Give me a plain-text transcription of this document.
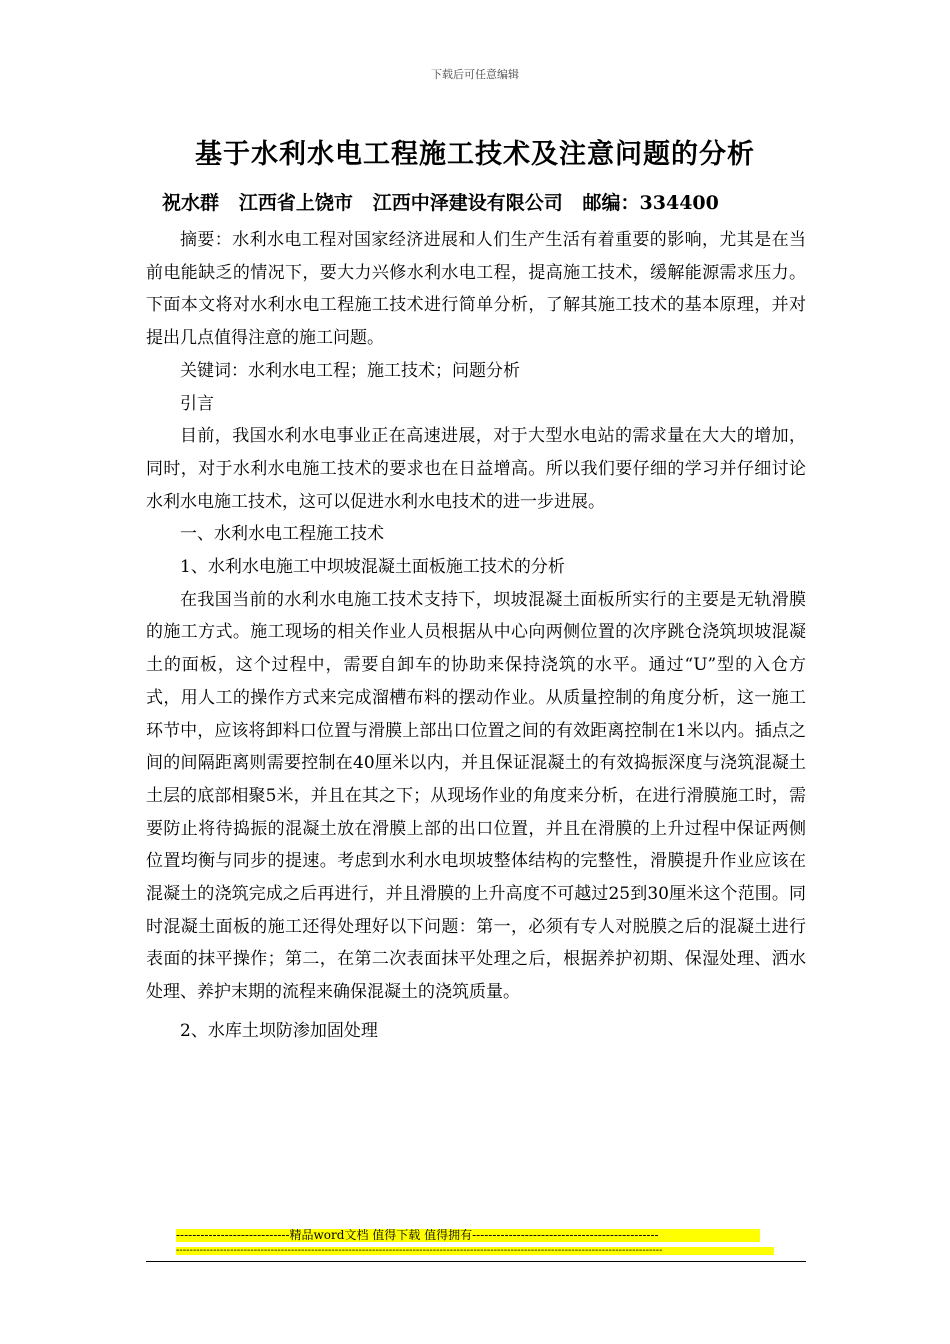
下载后可任意编辑
基于水利水电工程施工技术及注意问题的分析
祝水群   江西省上饶市   江西中泽建设有限公司   邮编：334400

摘要：水利水电工程对国家经济进展和人们生产生活有着重要的影响，尤其是在当前电能缺乏的情况下，要大力兴修水利水电工程，提高施工技术，缓解能源需求压力。下面本文将对水利水电工程施工技术进行简单分析，了解其施工技术的基本原理，并对提出几点值得注意的施工问题。

关键词：水利水电工程；施工技术；问题分析

引言

目前，我国水利水电事业正在高速进展，对于大型水电站的需求量在大大的增加，同时，对于水利水电施工技术的要求也在日益增高。所以我们要仔细的学习并仔细讨论水利水电施工技术，这可以促进水利水电技术的进一步进展。

一、水利水电工程施工技术

1、水利水电施工中坝坡混凝土面板施工技术的分析

在我国当前的水利水电施工技术支持下，坝坡混凝土面板所实行的主要是无轨滑膜的施工方式。施工现场的相关作业人员根据从中心向两侧位置的次序跳仓浇筑坝坡混凝土的面板，这个过程中，需要自卸车的协助来保持浇筑的水平。通过“U”型的入仓方式，用人工的操作方式来完成溜槽布料的摆动作业。从质量控制的角度分析，这一施工环节中，应该将卸料口位置与滑膜上部出口位置之间的有效距离控制在1米以内。插点之间的间隔距离则需要控制在40厘米以内，并且保证混凝土的有效捣振深度与浇筑混凝土土层的底部相聚5米，并且在其之下；从现场作业的角度来分析，在进行滑膜施工时，需要防止将待捣振的混凝土放在滑膜上部的出口位置，并且在滑膜的上升过程中保证两侧位置均衡与同步的提速。考虑到水利水电坝坡整体结构的完整性，滑膜提升作业应该在混凝土的浇筑完成之后再进行，并且滑膜的上升高度不可越过25到30厘米这个范围。同时混凝土面板的施工还得处理好以下问题：第一，必须有专人对脱膜之后的混凝土进行表面的抹平操作；第二，在第二次表面抹平处理之后，根据养护初期、保湿处理、洒水处理、养护末期的流程来确保混凝土的浇筑质量。

2、水库土坝防渗加固处理

----------------------------精品word文档 值得下载 值得拥有----------------------------------------------
------------------------------------------------------------------------------------------------------------------------------------------------
